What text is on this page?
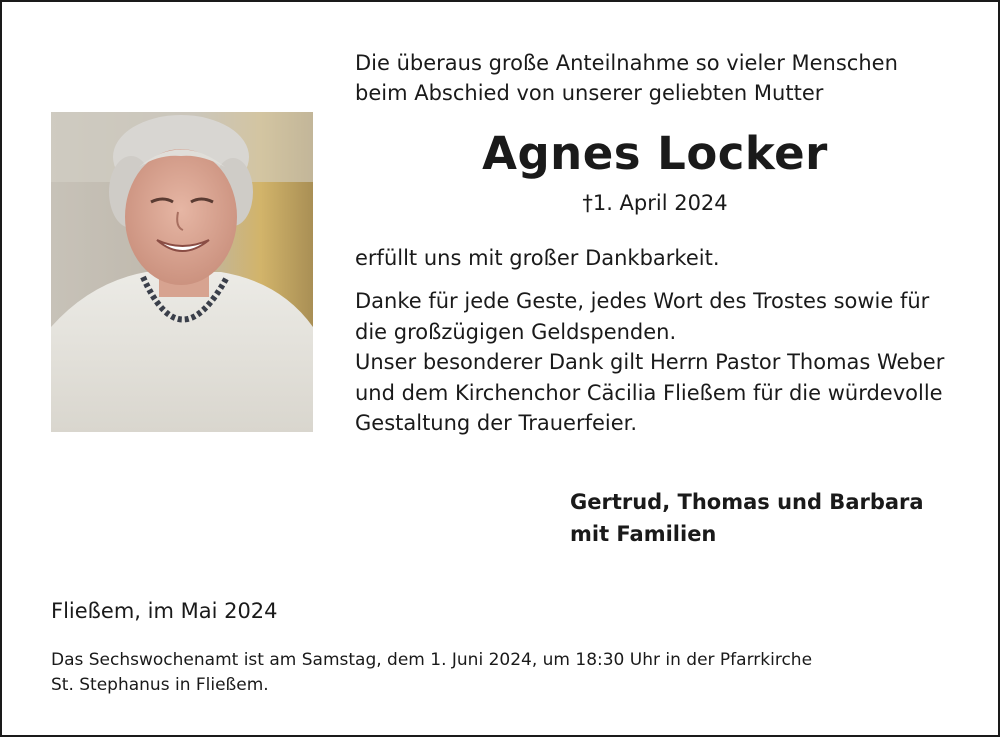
Die überaus große Anteilnahme so vieler Menschen
beim Abschied von unserer geliebten Mutter
Agnes Locker
†1. April 2024
erfüllt uns mit großer Dankbarkeit.
Danke für jede Geste, jedes Wort des Trostes sowie für
die großzügigen Geldspenden.
Unser besonderer Dank gilt Herrn Pastor Thomas Weber
und dem Kirchenchor Cäcilia Fließem für die würdevolle
Gestaltung der Trauerfeier.
Gertrud, Thomas und Barbara
mit Familien
Fließem, im Mai 2024
Das Sechswochenamt ist am Samstag, dem 1. Juni 2024, um 18:30 Uhr in der Pfarrkirche
St. Stephanus in Fließem.
